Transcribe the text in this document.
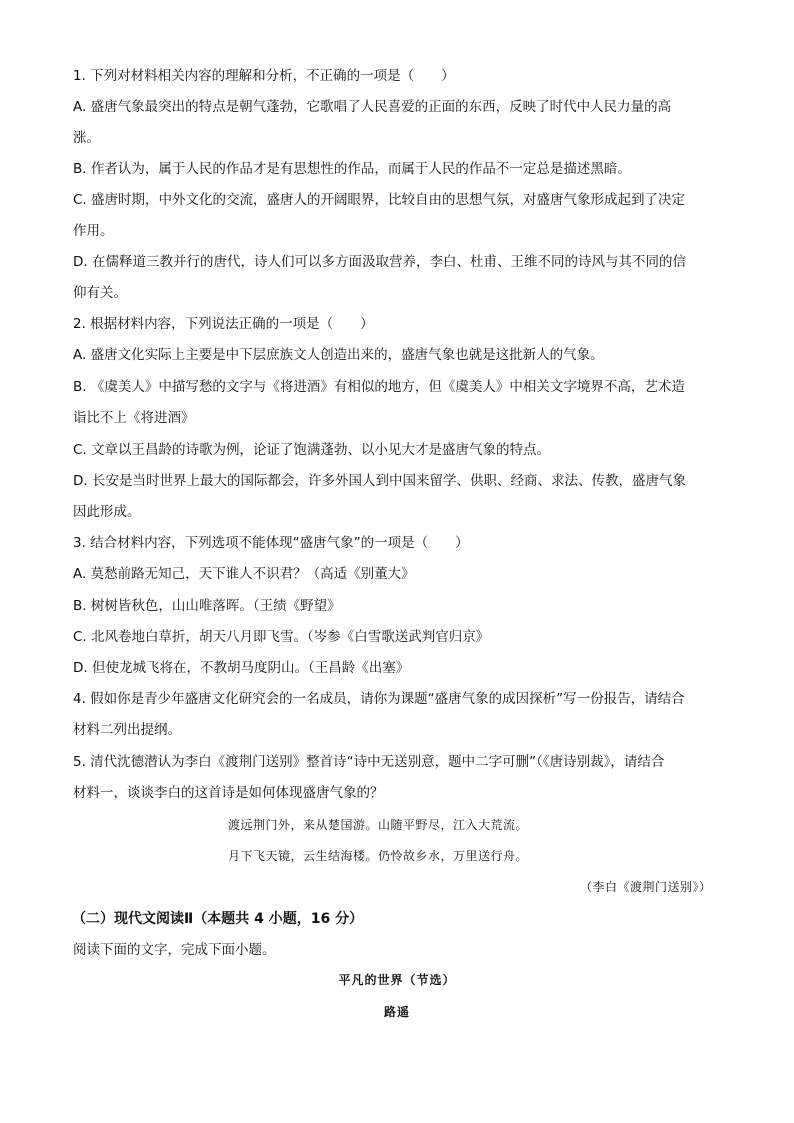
1. 下列对材料相关内容的理解和分析，不正确的一项是（　　）
A. 盛唐气象最突出的特点是朝气蓬勃，它歌唱了人民喜爱的正面的东西，反映了时代中人民力量的高
涨。
B. 作者认为，属于人民的作品才是有思想性的作品，而属于人民的作品不一定总是描述黑暗。
C. 盛唐时期，中外文化的交流，盛唐人的开阔眼界，比较自由的思想气氛，对盛唐气象形成起到了决定
作用。
D. 在儒释道三教并行的唐代，诗人们可以多方面汲取营养，李白、杜甫、王维不同的诗风与其不同的信
仰有关。
2. 根据材料内容，下列说法正确的一项是（　　）
A. 盛唐文化实际上主要是中下层庶族文人创造出来的，盛唐气象也就是这批新人的气象。
B. 《虞美人》中描写愁的文字与《将进酒》有相似的地方，但《虞美人》中相关文字境界不高，艺术造
诣比不上《将进酒》
C. 文章以王昌龄的诗歌为例，论证了饱满蓬勃、以小见大才是盛唐气象的特点。
D. 长安是当时世界上最大的国际都会，许多外国人到中国来留学、供职、经商、求法、传教，盛唐气象
因此形成。
3. 结合材料内容，下列选项不能体现“盛唐气象”的一项是（　　）
A. 莫愁前路无知己，天下谁人不识君？（高适《别董大》
B. 树树皆秋色，山山唯落晖。（王绩《野望》
C. 北风卷地白草折，胡天八月即飞雪。（岑参《白雪歌送武判官归京》
D. 但使龙城飞将在，不教胡马度阴山。（王昌龄《出塞》
4. 假如你是青少年盛唐文化研究会的一名成员，请你为课题“盛唐气象的成因探析”写一份报告，请结合
材料二列出提纲。
5. 清代沈德潜认为李白《渡荆门送别》整首诗“诗中无送别意，题中二字可删”（《唐诗别裁》，请结合
材料一，谈谈李白的这首诗是如何体现盛唐气象的？
渡远荆门外，来从楚国游。山随平野尽，江入大荒流。
月下飞天镜，云生结海楼。仍怜故乡水，万里送行舟。
（李白《渡荆门送别》）
（二）现代文阅读Ⅱ（本题共 4 小题，16 分）
阅读下面的文字，完成下面小题。
平凡的世界（节选）
路遥
